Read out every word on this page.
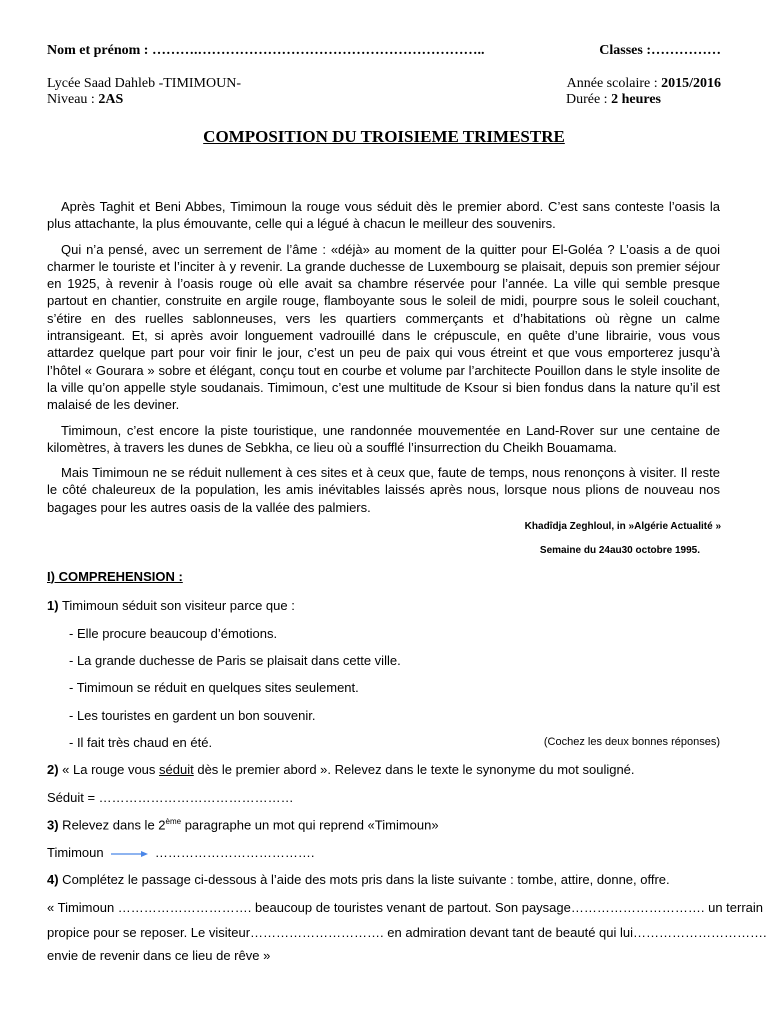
Nom et prénom : ……….……………………………………………………..	Classes :……………
Lycée Saad Dahleb -TIMIMOUN-	Année scolaire : 2015/2016
Niveau : 2AS	Durée : 2 heures
COMPOSITION DU TROISIEME TRIMESTRE

Après Taghit et Beni Abbes, Timimoun la rouge vous séduit dès le premier abord. C’est sans conteste l’oasis la plus attachante, la plus émouvante, celle qui a légué à chacun le meilleur des souvenirs.

Qui n’a pensé, avec un serrement de l’âme : «déjà» au moment de la quitter pour El-Goléa ? L’oasis a de quoi charmer le touriste et l’inciter à y revenir. La grande duchesse de Luxembourg se plaisait, depuis son premier séjour en 1925, à revenir à l’oasis rouge où elle avait sa chambre réservée pour l’année. La ville qui semble presque partout en chantier, construite en argile rouge, flamboyante sous le soleil de midi, pourpre sous le soleil couchant, s’étire en des ruelles sablonneuses, vers les quartiers commerçants et d’habitations où règne un calme intransigeant. Et, si après avoir longuement vadrouillé dans le crépuscule, en quête d’une librairie, vous vous attardez quelque part pour voir finir le jour, c’est un peu de paix qui vous étreint et que vous emporterez jusqu’à l’hôtel « Gourara » sobre et élégant, conçu tout en courbe et volume par l’architecte Pouillon dans le style insolite de la ville qu’on appelle style soudanais. Timimoun, c’est une multitude de Ksour si bien fondus dans la nature qu’il est malaisé de les deviner.

Timimoun, c’est encore la piste touristique, une randonnée mouvementée en Land-Rover sur une centaine de kilomètres, à travers les dunes de Sebkha, ce lieu où a soufflé l’insurrection du Cheikh Bouamama.

Mais Timimoun ne se réduit nullement à ces sites et à ceux que, faute de temps, nous renonçons à visiter. Il reste le côté chaleureux de la population, les amis inévitables laissés après nous, lorsque nous plions de nouveau nos bagages pour les autres oasis de la vallée des palmiers.

Khadîdja Zeghloul, in »Algérie Actualité »
Semaine du 24au30 octobre 1995.
I) COMPREHENSION :
1) Timimoun séduit son visiteur parce que :
- Elle procure beaucoup d’émotions.
- La grande duchesse de Paris se plaisait dans cette ville.
- Timimoun se réduit en quelques sites seulement.
- Les touristes en gardent un bon souvenir.
- Il fait très chaud en été.	(Cochez les deux bonnes réponses)
2) « La rouge vous séduit dès le premier abord ». Relevez dans le texte le synonyme du mot souligné.
Séduit = ………………………………………
3) Relevez dans le 2ème paragraphe un mot qui reprend «Timimoun»
Timimoun	……………………………….
4) Complétez le passage ci-dessous à l’aide des mots pris dans la liste suivante : tombe, attire, donne, offre.
« Timimoun …………………………. beaucoup de touristes venant de partout. Son paysage…………………………. un terrain
propice pour se reposer. Le visiteur…………………………. en admiration devant tant de beauté qui lui………………………….
envie de revenir dans ce lieu de rêve »
